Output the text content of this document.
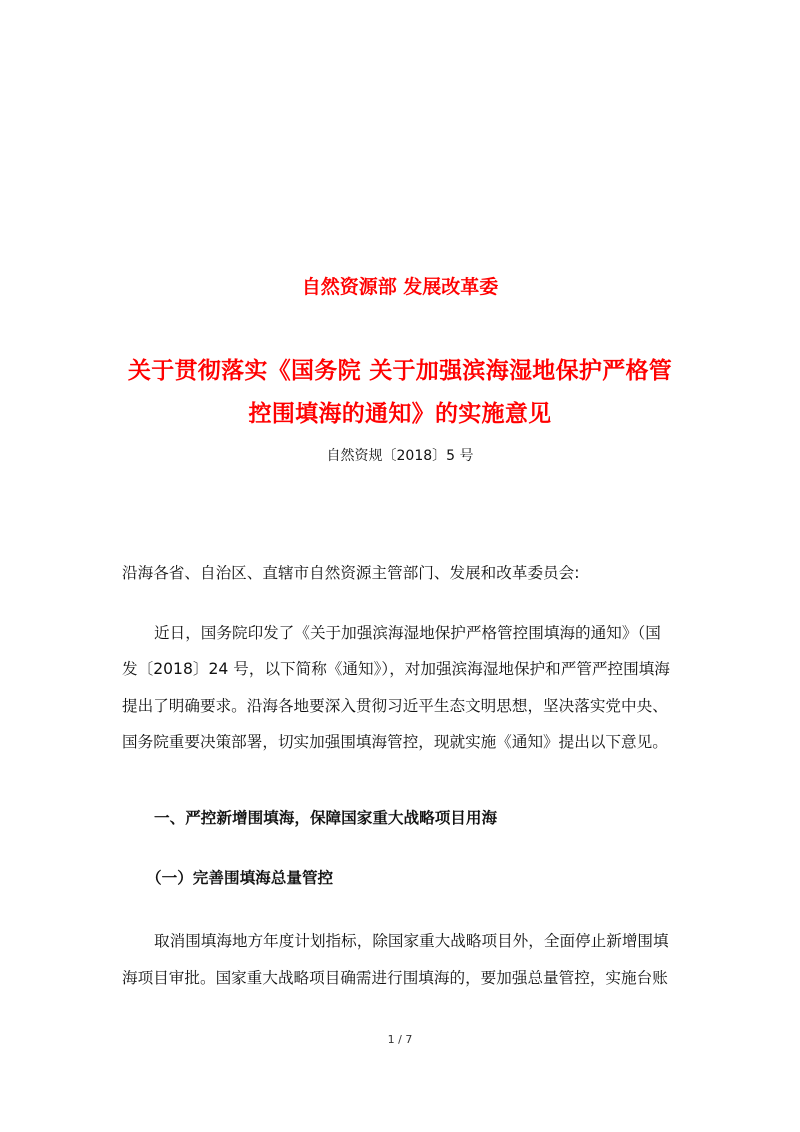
自然资源部 发展改革委
关于贯彻落实《国务院 关于加强滨海湿地保护严格管
控围填海的通知》的实施意见
自然资规〔2018〕5 号
沿海各省、自治区、直辖市自然资源主管部门、发展和改革委员会:
近日，国务院印发了《关于加强滨海湿地保护严格管控围填海的通知》（国
发〔2018〕24 号，以下简称《通知》），对加强滨海湿地保护和严管严控围填海
提出了明确要求。沿海各地要深入贯彻习近平生态文明思想，坚决落实党中央、
国务院重要决策部署，切实加强围填海管控，现就实施《通知》提出以下意见。
一、严控新增围填海，保障国家重大战略项目用海
（一）完善围填海总量管控
取消围填海地方年度计划指标，除国家重大战略项目外，全面停止新增围填
海项目审批。国家重大战略项目确需进行围填海的，要加强总量管控，实施台账
1 / 7
